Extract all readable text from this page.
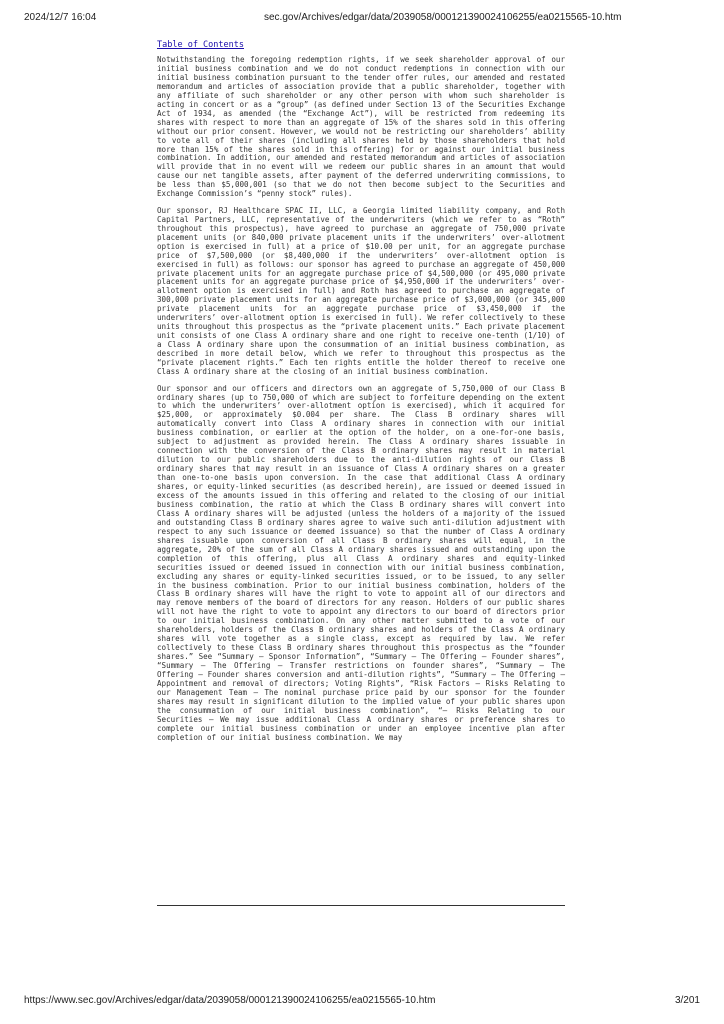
2024/12/7 16:04	sec.gov/Archives/edgar/data/2039058/000121390024106255/ea0215565-10.htm
Table of Contents

Notwithstanding the foregoing redemption rights, if we seek shareholder approval of our initial business combination and we do not conduct redemptions in connection with our initial business combination pursuant to the tender offer rules, our amended and restated memorandum and articles of association provide that a public shareholder, together with any affiliate of such shareholder or any other person with whom such shareholder is acting in concert or as a “group” (as defined under Section 13 of the Securities Exchange Act of 1934, as amended (the “Exchange Act”), will be restricted from redeeming its shares with respect to more than an aggregate of 15% of the shares sold in this offering without our prior consent. However, we would not be restricting our shareholders’ ability to vote all of their shares (including all shares held by those shareholders that hold more than 15% of the shares sold in this offering) for or against our initial business combination. In addition, our amended and restated memorandum and articles of association will provide that in no event will we redeem our public shares in an amount that would cause our net tangible assets, after payment of the deferred underwriting commissions, to be less than $5,000,001 (so that we do not then become subject to the Securities and Exchange Commission’s “penny stock” rules).

Our sponsor, RJ Healthcare SPAC II, LLC, a Georgia limited liability company, and Roth Capital Partners, LLC, representative of the underwriters (which we refer to as “Roth” throughout this prospectus), have agreed to purchase an aggregate of 750,000 private placement units (or 840,000 private placement units if the underwriters’ over-allotment option is exercised in full) at a price of $10.00 per unit, for an aggregate purchase price of $7,500,000 (or $8,400,000 if the underwriters’ over-allotment option is exercised in full) as follows: our sponsor has agreed to purchase an aggregate of 450,000 private placement units for an aggregate purchase price of $4,500,000 (or 495,000 private placement units for an aggregate purchase price of $4,950,000 if the underwriters’ over-allotment option is exercised in full) and Roth has agreed to purchase an aggregate of 300,000 private placement units for an aggregate purchase price of $3,000,000 (or 345,000 private placement units for an aggregate purchase price of $3,450,000 if the underwriters’ over-allotment option is exercised in full). We refer collectively to these units throughout this prospectus as the “private placement units.” Each private placement unit consists of one Class A ordinary share and one right to receive one-tenth (1/10) of a Class A ordinary share upon the consummation of an initial business combination, as described in more detail below, which we refer to throughout this prospectus as the “private placement rights.” Each ten rights entitle the holder thereof to receive one Class A ordinary share at the closing of an initial business combination.

Our sponsor and our officers and directors own an aggregate of 5,750,000 of our Class B ordinary shares (up to 750,000 of which are subject to forfeiture depending on the extent to which the underwriters’ over-allotment option is exercised), which it acquired for $25,000, or approximately $0.004 per share. The Class B ordinary shares will automatically convert into Class A ordinary shares in connection with our initial business combination, or earlier at the option of the holder, on a one-for-one basis, subject to adjustment as provided herein. The Class A ordinary shares issuable in connection with the conversion of the Class B ordinary shares may result in material dilution to our public shareholders due to the anti-dilution rights of our Class B ordinary shares that may result in an issuance of Class A ordinary shares on a greater than one-to-one basis upon conversion. In the case that additional Class A ordinary shares, or equity-linked securities (as described herein), are issued or deemed issued in excess of the amounts issued in this offering and related to the closing of our initial business combination, the ratio at which the Class B ordinary shares will convert into Class A ordinary shares will be adjusted (unless the holders of a majority of the issued and outstanding Class B ordinary shares agree to waive such anti-dilution adjustment with respect to any such issuance or deemed issuance) so that the number of Class A ordinary shares issuable upon conversion of all Class B ordinary shares will equal, in the aggregate, 20% of the sum of all Class A ordinary shares issued and outstanding upon the completion of this offering, plus all Class A ordinary shares and equity-linked securities issued or deemed issued in connection with our initial business combination, excluding any shares or equity-linked securities issued, or to be issued, to any seller in the business combination. Prior to our initial business combination, holders of the Class B ordinary shares will have the right to vote to appoint all of our directors and may remove members of the board of directors for any reason. Holders of our public shares will not have the right to vote to appoint any directors to our board of directors prior to our initial business combination. On any other matter submitted to a vote of our shareholders, holders of the Class B ordinary shares and holders of the Class A ordinary shares will vote together as a single class, except as required by law. We refer collectively to these Class B ordinary shares throughout this prospectus as the “founder shares.” See “Summary — Sponsor Information”, “Summary — The Offering — Founder shares”, “Summary — The Offering — Transfer restrictions on founder shares”, “Summary — The Offering — Founder shares conversion and anti-dilution rights”, “Summary — The Offering — Appointment and removal of directors; Voting Rights”, “Risk Factors — Risks Relating to our Management Team — The nominal purchase price paid by our sponsor for the founder shares may result in significant dilution to the implied value of your public shares upon the consummation of our initial business combination”, “— Risks Relating to our Securities — We may issue additional Class A ordinary shares or preference shares to complete our initial business combination or under an employee incentive plan after completion of our initial business combination. We may

https://www.sec.gov/Archives/edgar/data/2039058/000121390024106255/ea0215565-10.htm	3/201
